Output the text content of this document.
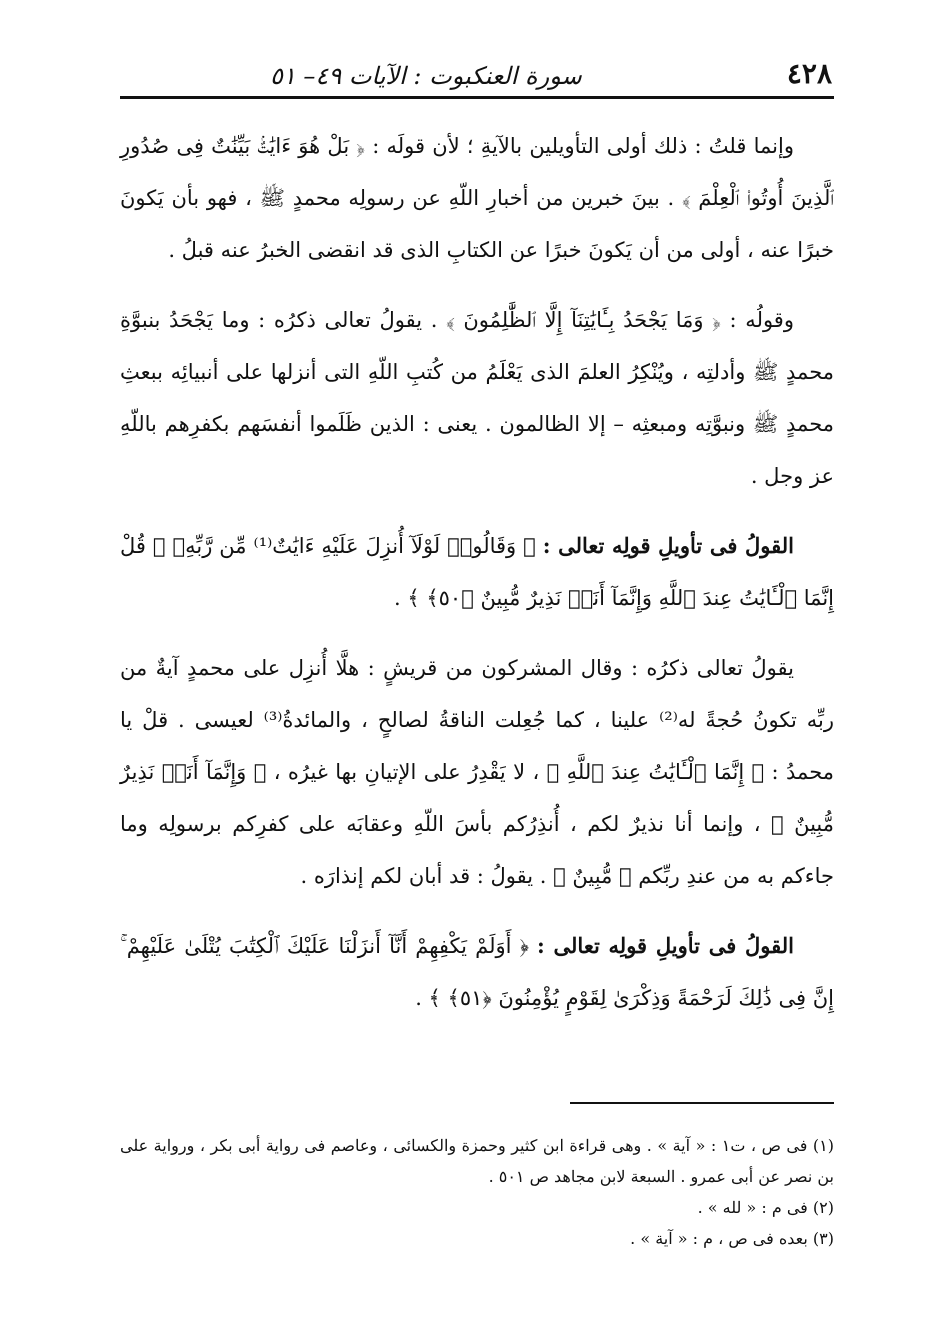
٤٢٨
سورة العنكبوت : الآيات ٤٩– ٥١

وإنما قلتُ : ذلك أولى التأويلين بالآيةِ ؛ لأن قولَه : ﴿ بَلْ هُوَ ءَايَٰتٌۢ بَيِّنَٰتٌ فِى صُدُورِ ٱلَّذِينَ أُوتُوا۟ ٱلْعِلْمَ ﴾ . بينَ خبرين من أخبارِ اللّهِ عن رسولِه محمدٍ ﷺ ، فهو بأن يَكونَ خبرًا عنه ، أولى من أن يَكونَ خبرًا عن الكتابِ الذى قد انقضى الخبرُ عنه قبلُ .

وقولُه : ﴿ وَمَا يَجْحَدُ بِـَٔايَٰتِنَآ إِلَّا ٱلظَّٰلِمُونَ ﴾ . يقولُ تعالى ذكرُه : وما يَجْحَدُ بنبوَّةِ محمدٍ ﷺ وأدلتِه ، ويُنْكِرُ العلمَ الذى يَعْلَمُ من كُتبِ اللّهِ التى أنزلها على أنبيائِه ببعثِ محمدٍ ﷺ ونبوَّتِه ومبعثِه – إلا الظالمون . يعنى : الذين ظَلَموا أنفسَهم بكفرِهم باللّهِ عز وجل .

القولُ فى تأويلِ قولِه تعالى : ﴿ وَقَالُوا۟ لَوْلَآ أُنزِلَ عَلَيْهِ ءَايَٰتٌ⁽¹⁾ مِّن رَّبِّهِۦ ۖ قُلْ إِنَّمَا ٱلْـَٔايَٰتُ عِندَ ٱللَّهِ وَإِنَّمَآ أَنَا۠ نَذِيرٌ مُّبِينٌ ﴿٥٠﴾ ﴾ .

يقولُ تعالى ذكرُه : وقال المشركون من قريشٍ : هلَّا أُنزِل على محمدٍ آيةٌ من ربِّه تكونُ حُجةً له⁽²⁾ علينا ، كما جُعِلت الناقةُ لصالحٍ ، والمائدةُ⁽³⁾ لعيسى . قلْ يا محمدُ : ﴿ إِنَّمَا ٱلْـَٔايَٰتُ عِندَ ٱللَّهِ ﴾ ، لا يَقْدِرُ على الإتيانِ بها غيرُه ، ﴿ وَإِنَّمَآ أَنَا۠ نَذِيرٌ مُّبِينٌ ﴾ ، وإنما أنا نذيرٌ لكم ، أُنذِرُكم بأسَ اللّهِ وعقابَه على كفرِكم برسولِه وما جاءكم به من عندِ ربِّكم ﴿ مُّبِينٌ ﴾ . يقولُ : قد أبان لكم إنذارَه .

القولُ فى تأويلِ قولِه تعالى : ﴿ أَوَلَمْ يَكْفِهِمْ أَنَّآ أَنزَلْنَا عَلَيْكَ ٱلْكِتَٰبَ يُتْلَىٰ عَلَيْهِمْ ۚ إِنَّ فِى ذَٰلِكَ لَرَحْمَةً وَذِكْرَىٰ لِقَوْمٍ يُؤْمِنُونَ ﴿٥١﴾ ﴾ .

(١) فى ص ، ت١ : « آية » . وهى قراءة ابن كثير وحمزة والكسائى ، وعاصم فى رواية أبى بكر ، ورواية على بن نصر عن أبى عمرو . السبعة لابن مجاهد ص ٥٠١ .

(٢) فى م : « لله » .

(٣) بعده فى ص ، م : « آية » .
